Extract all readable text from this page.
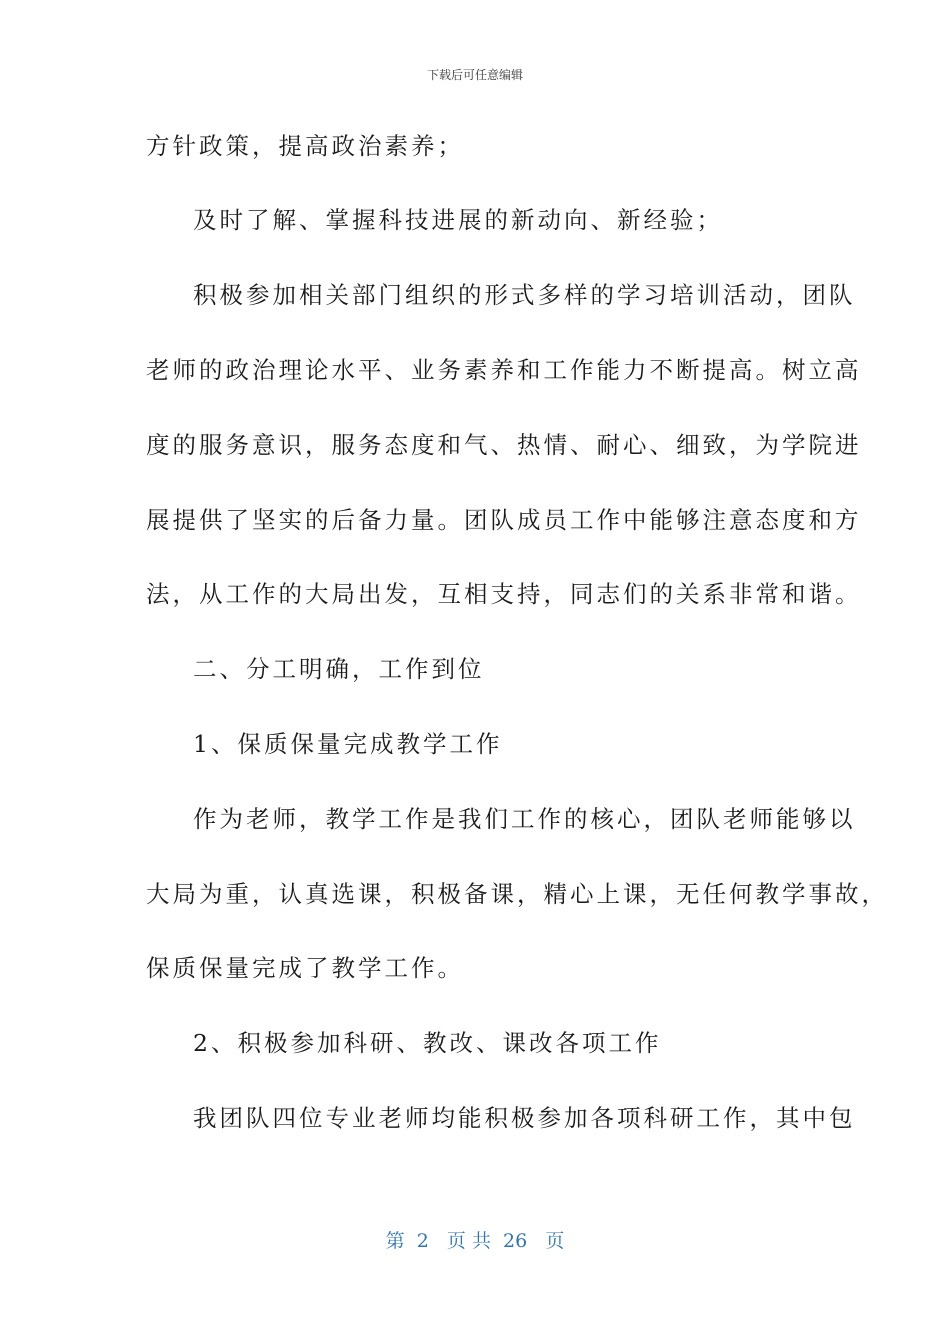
下载后可任意编辑
方针政策，提高政治素养；
及时了解、掌握科技进展的新动向、新经验；
积极参加相关部门组织的形式多样的学习培训活动，团队
老师的政治理论水平、业务素养和工作能力不断提高。树立高
度的服务意识，服务态度和气、热情、耐心、细致，为学院进
展提供了坚实的后备力量。团队成员工作中能够注意态度和方
法，从工作的大局出发，互相支持，同志们的关系非常和谐。
二、分工明确，工作到位
1、保质保量完成教学工作
作为老师，教学工作是我们工作的核心，团队老师能够以
大局为重，认真选课，积极备课，精心上课，无任何教学事故，
保质保量完成了教学工作。
2、积极参加科研、教改、课改各项工作
我团队四位专业老师均能积极参加各项科研工作，其中包
第  2   页 共  26   页
